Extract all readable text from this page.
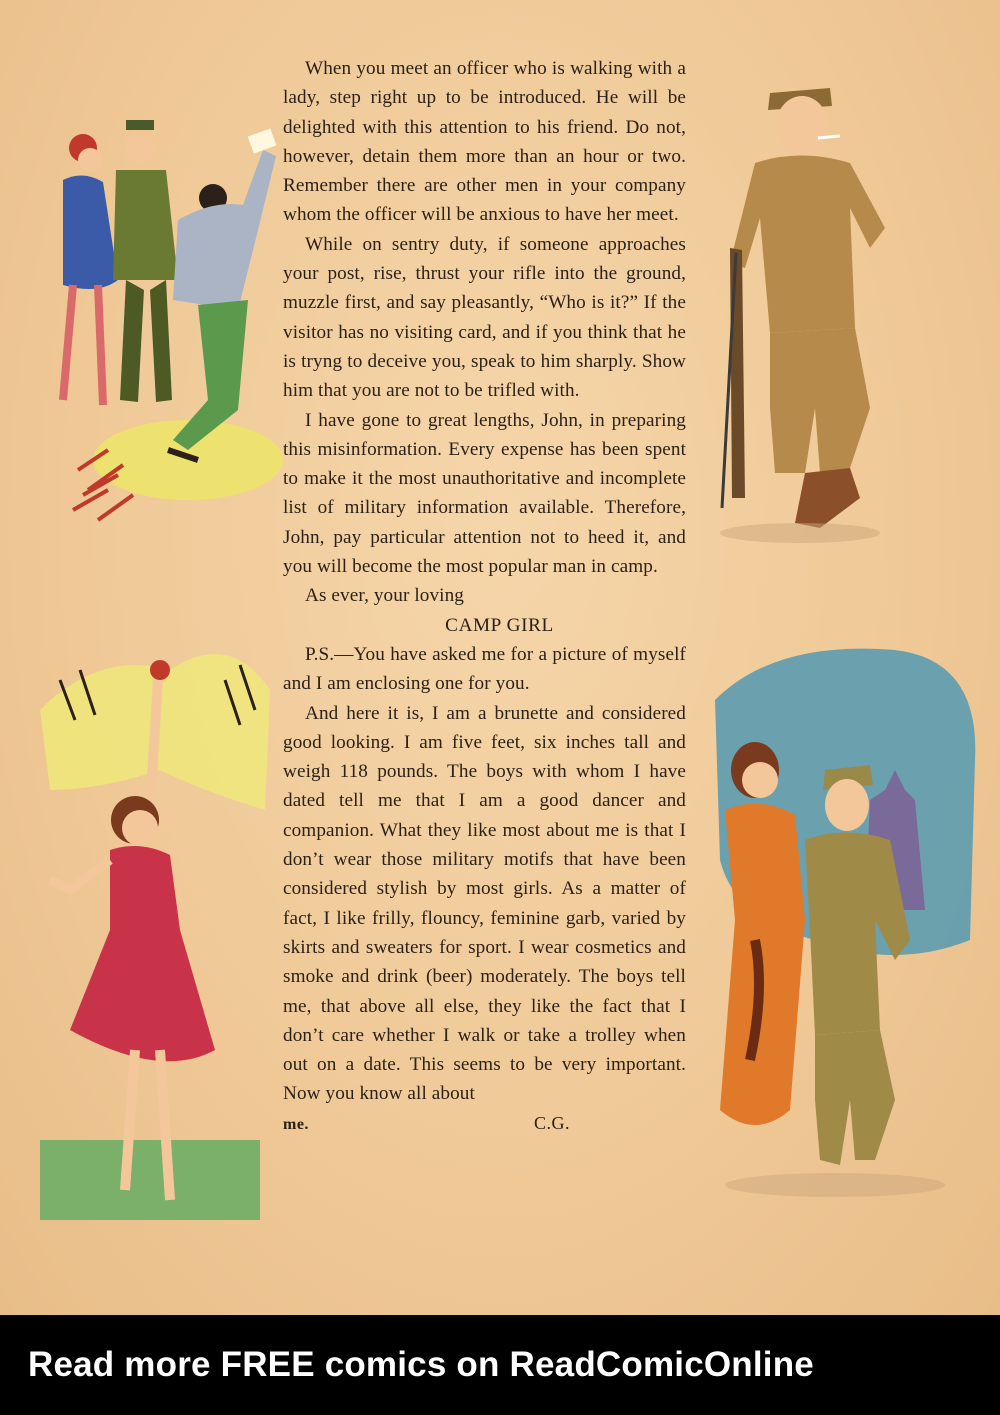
When you meet an officer who is walking with a lady, step right up to be introduced. He will be delighted with this attention to his friend. Do not, however, detain them more than an hour or two. Remember there are other men in your company whom the officer will be anxious to have her meet.

While on sentry duty, if someone approaches your post, rise, thrust your rifle into the ground, muzzle first, and say pleasantly, “Who is it?” If the visitor has no visiting card, and if you think that he is tryng to deceive you, speak to him sharply. Show him that you are not to be trifled with.

I have gone to great lengths, John, in preparing this misinformation. Every expense has been spent to make it the most unauthoritative and incomplete list of military information available. Therefore, John, pay particular attention not to heed it, and you will become the most popular man in camp.

As ever, your loving

CAMP GIRL

P.S.—You have asked me for a picture of myself and I am enclosing one for you.

And here it is, I am a brunette and considered good looking. I am five feet, six inches tall and weigh 118 pounds. The boys with whom I have dated tell me that I am a good dancer and companion. What they like most about me is that I don’t wear those military motifs that have been considered stylish by most girls. As a matter of fact, I like frilly, flouncy, feminine garb, varied by skirts and sweaters for sport. I wear cosmetics and smoke and drink (beer) moderately. The boys tell me, that above all else, they like the fact that I don’t care whether I walk or take a trolley when out on a date. This seems to be very important. Now you know all about

me.	C.G.

Read more FREE comics on ReadComicOnline
